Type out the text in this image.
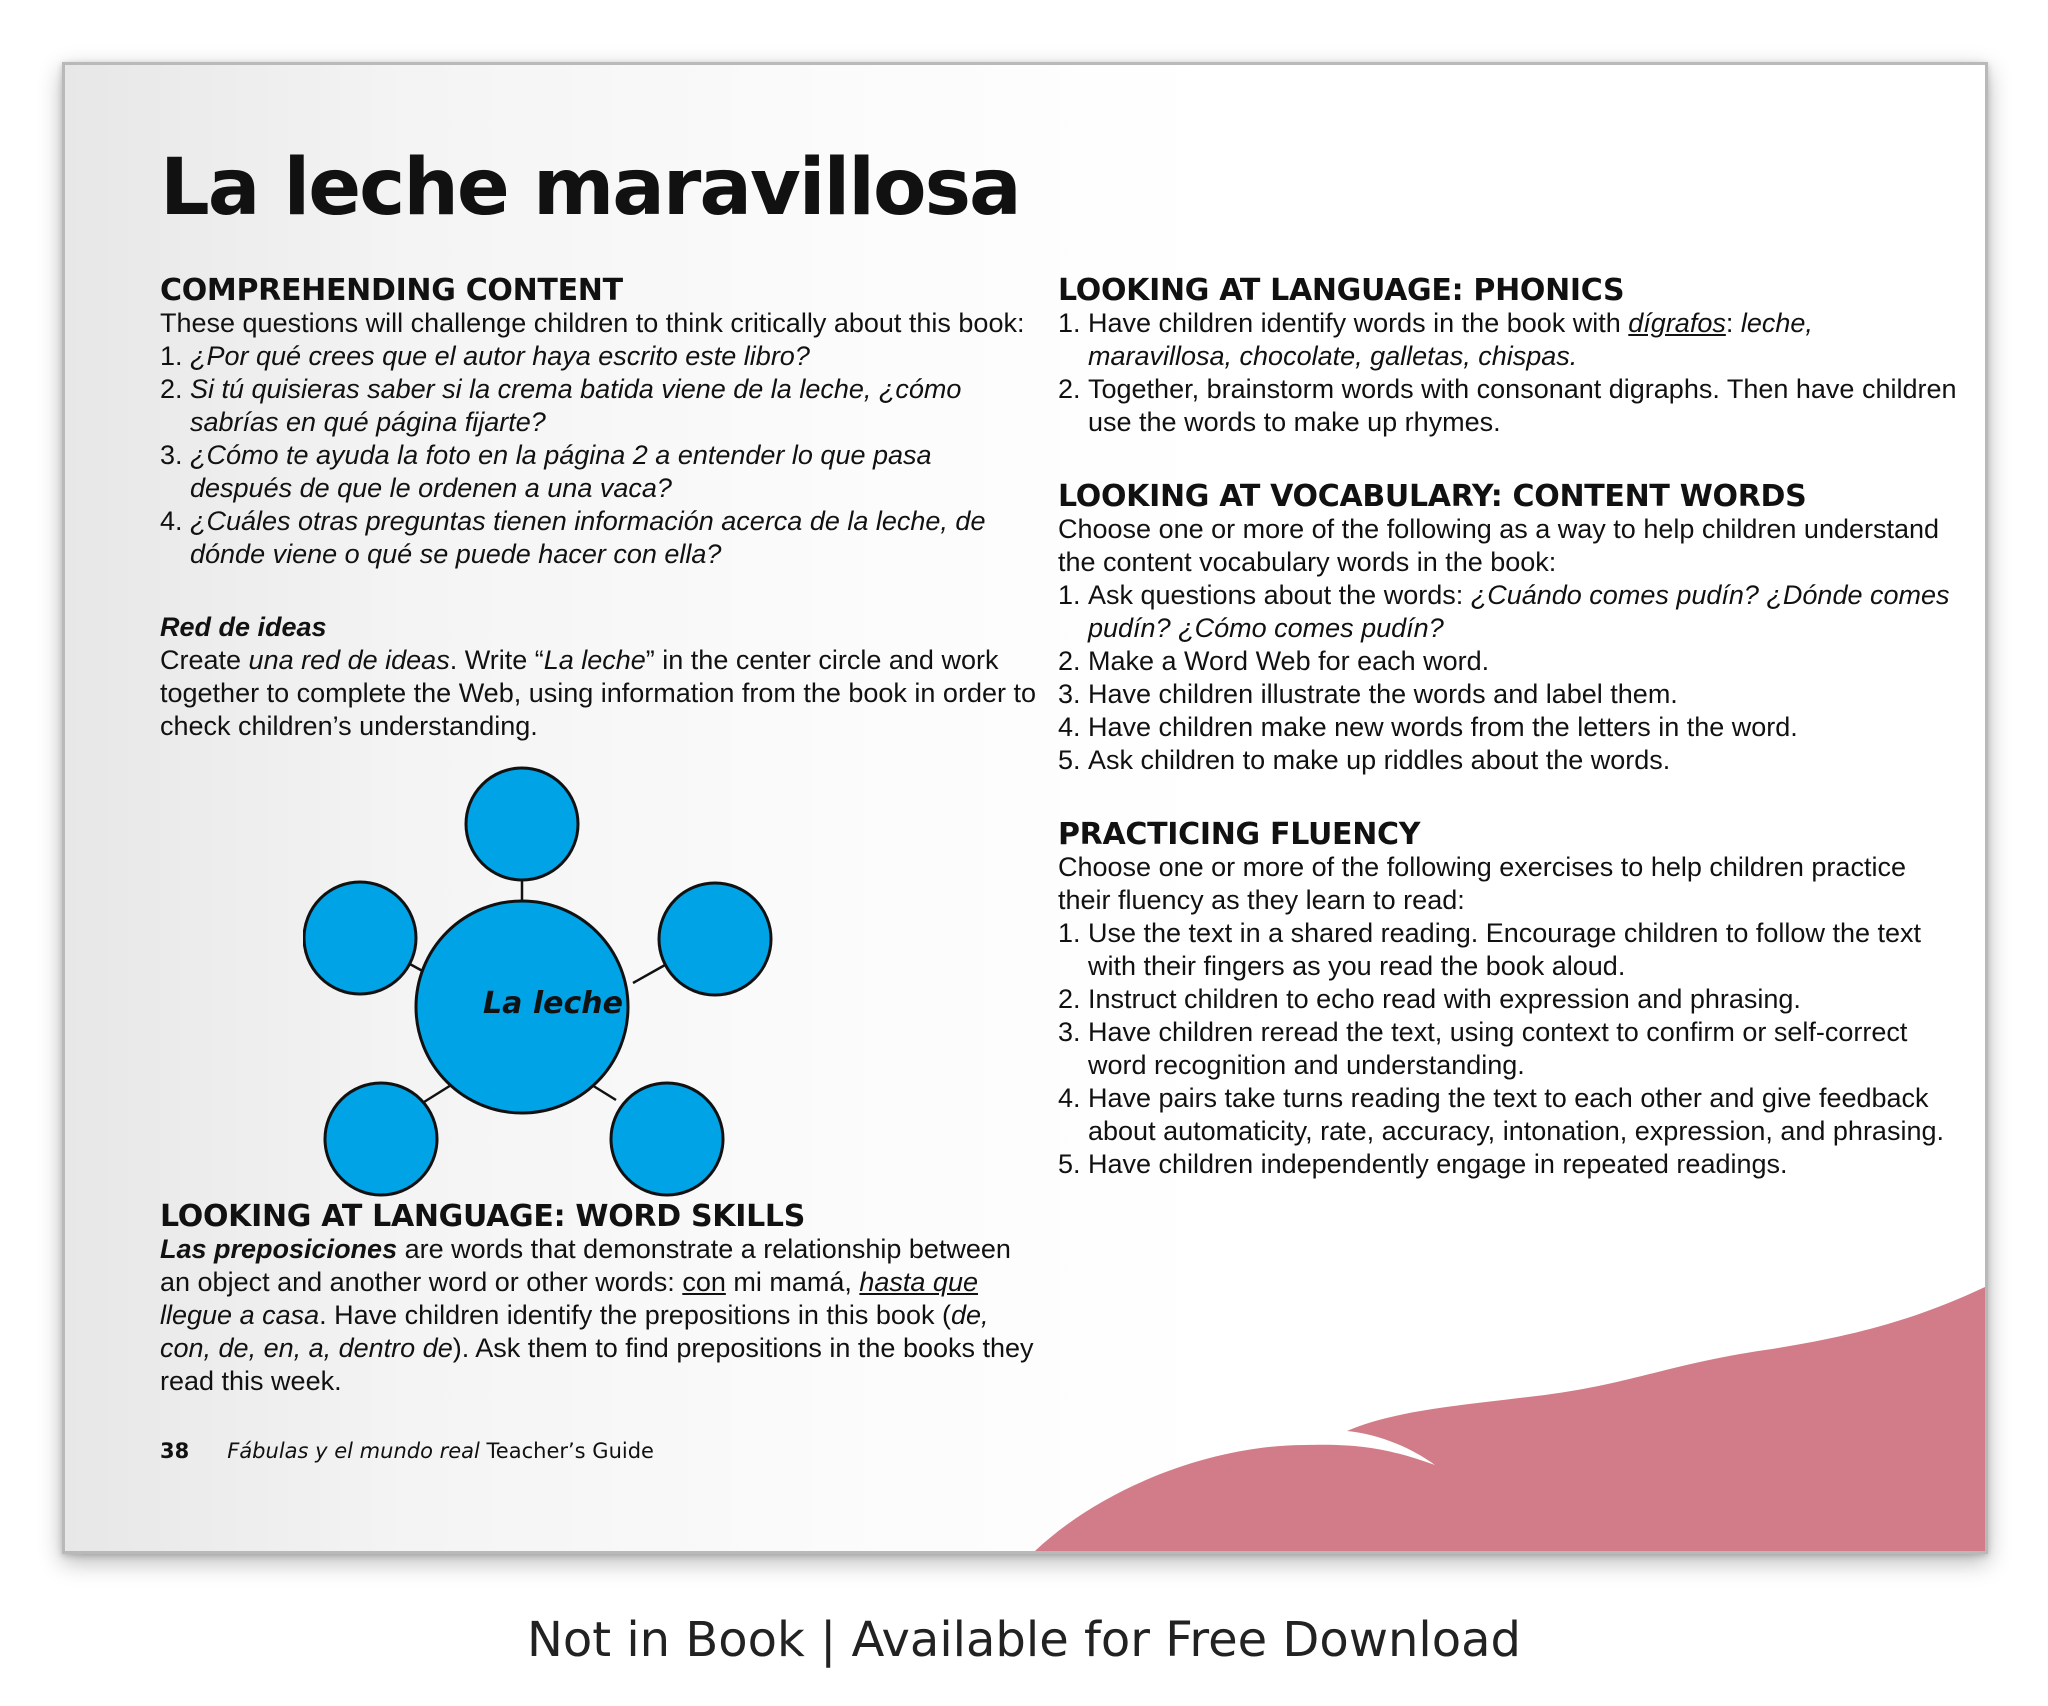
La leche maravillosa
COMPREHENDING CONTENT

These questions will challenge children to think critically about this book:

1. ¿Por qué crees que el autor haya escrito este libro?
2. Si tú quisieras saber si la crema batida viene de la leche, ¿cómo sabrías en qué página fijarte?
3. ¿Cómo te ayuda la foto en la página 2 a entender lo que pasa después de que le ordenen a una vaca?
4. ¿Cuáles otras preguntas tienen información acerca de la leche, de dónde viene o qué se puede hacer con ella?

Red de ideas

Create una red de ideas. Write “La leche” in the center circle and work together to complete the Web, using information from the book in order to check children’s understanding.

La leche
LOOKING AT LANGUAGE: WORD SKILLS

Las preposiciones are words that demonstrate a relationship between an object and another word or other words: con mi mamá, hasta que llegue a casa. Have children identify the prepositions in this book (de, con, de, en, a, dentro de). Ask them to find prepositions in the books they read this week.

LOOKING AT LANGUAGE: PHONICS
1. Have children identify words in the book with dígrafos: leche, maravillosa, chocolate, galletas, chispas.
2. Together, brainstorm words with consonant digraphs. Then have children use the words to make up rhymes.
LOOKING AT VOCABULARY: CONTENT WORDS

Choose one or more of the following as a way to help children understand the content vocabulary words in the book:

1. Ask questions about the words: ¿Cuándo comes pudín? ¿Dónde comes pudín? ¿Cómo comes pudín?
2. Make a Word Web for each word.
3. Have children illustrate the words and label them.
4. Have children make new words from the letters in the word.
5. Ask children to make up riddles about the words.
PRACTICING FLUENCY

Choose one or more of the following exercises to help children practice their fluency as they learn to read:

1. Use the text in a shared reading. Encourage children to follow the text with their fingers as you read the book aloud.
2. Instruct children to echo read with expression and phrasing.
3. Have children reread the text, using context to confirm or self-correct word recognition and understanding.
4. Have pairs take turns reading the text to each other and give feedback about automaticity, rate, accuracy, intonation, expression, and phrasing.
5. Have children independently engage in repeated readings.
38 Fábulas y el mundo real Teacher’s Guide
Not in Book | Available for Free Download
